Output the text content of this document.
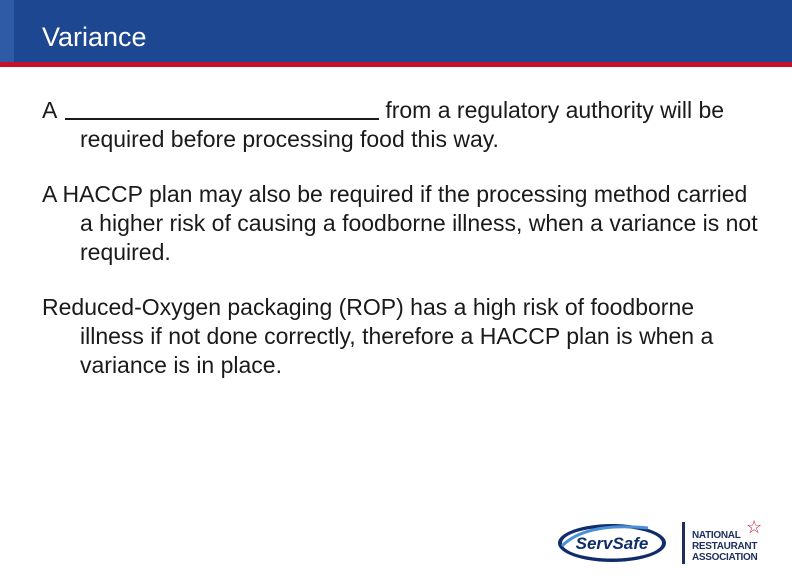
Variance

A	from a regulatory authority will be required before processing food this way.

A HACCP plan may also be required if the processing method carried a higher risk of causing a foodborne illness, when a variance is not required.

Reduced-Oxygen packaging (ROP) has a high risk of foodborne illness if not done correctly, therefore a HACCP plan is when a variance is in place.

ServSafe
☆
NATIONAL
RESTAURANT
ASSOCIATION
